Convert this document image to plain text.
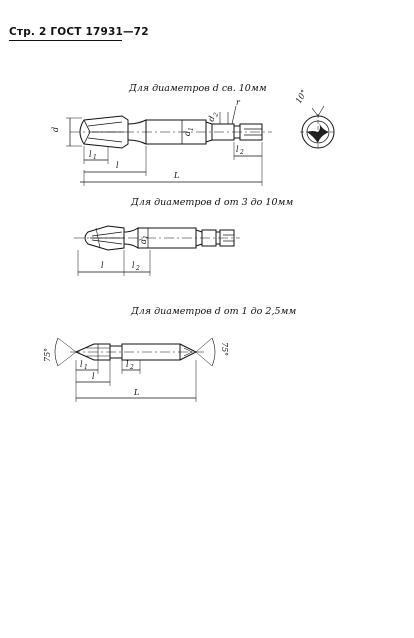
Стр. 2 ГОСТ 17931—72
Для диаметров d св. 10мм
Для диаметров d от 3 до 10мм
Для диаметров d от 1 до 2,5мм
d
d
1
d
2
r
l 1
l
l 2
L
10°
d
1
l	l 2
75°	75°
l 1
l
l 2
L
